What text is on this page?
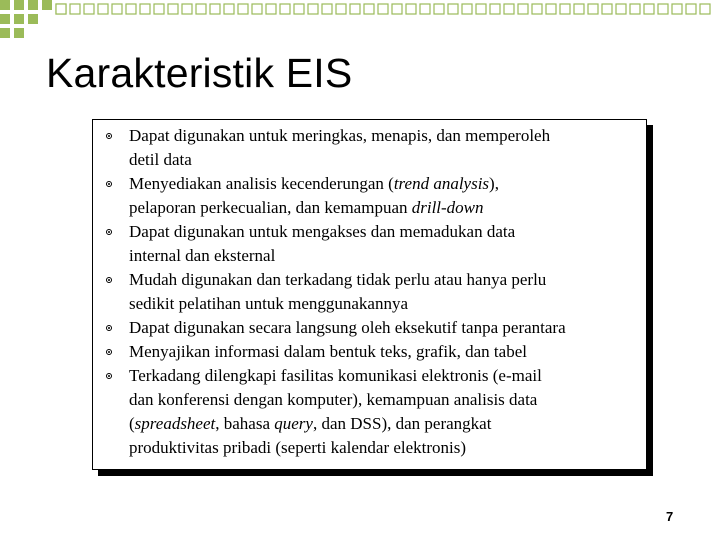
Karakteristik EIS
Dapat digunakan untuk meringkas, menapis, dan memperoleh
detil data
Menyediakan analisis kecenderungan (trend analysis),
pelaporan perkecualian, dan kemampuan drill-down
Dapat digunakan untuk mengakses dan memadukan data
internal dan eksternal
Mudah digunakan dan terkadang tidak perlu atau hanya perlu
sedikit pelatihan untuk menggunakannya
Dapat digunakan secara langsung oleh eksekutif tanpa perantara
Menyajikan informasi dalam bentuk teks, grafik, dan tabel
Terkadang dilengkapi fasilitas komunikasi elektronis (e-mail
dan konferensi dengan komputer), kemampuan analisis data
(spreadsheet, bahasa query, dan DSS), dan perangkat
produktivitas pribadi (seperti kalendar elektronis)
7
